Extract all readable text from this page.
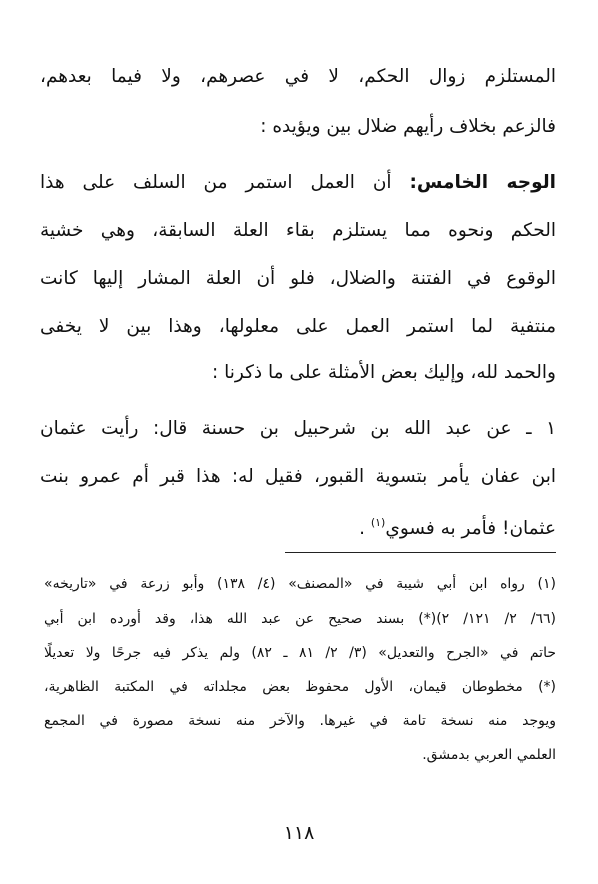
المستلزم زوال الحكم، لا في عصرهم، ولا فيما بعدهم،
فالزعم بخلاف رأيهم ضلال بين ويؤيده :
الوجه الخامس: أن العمل استمر من السلف على هذا
الحكم ونحوه مما يستلزم بقاء العلة السابقة، وهي خشية
الوقوع في الفتنة والضلال، فلو أن العلة المشار إليها كانت
منتفية لما استمر العمل على معلولها، وهذا بين لا يخفى
والحمد لله، وإليك بعض الأمثلة على ما ذكرنا :
١ ـ عن عبد الله بن شرحبيل بن حسنة قال: رأيت عثمان
ابن عفان يأمر بتسوية القبور، فقيل له: هذا قبر أم عمرو بنت
عثمان! فأمر به فسوي$^{(١)}$ .
(١) رواه ابن أبي شيبة في «المصنف» (٤/ ١٣٨) وأبو زرعة في «تاريخه»
(٦٦/ ٢/ ١٢١/ ٢)(*) بسند صحيح عن عبد الله هذا، وقد أورده ابن أبي
حاتم في «الجرح والتعديل» (٣/ ٢/ ٨١ ـ ٨٢) ولم يذكر فيه جرحًا ولا تعديلًا
(*) مخطوطان قيمان، الأول محفوظ بعض مجلداته في المكتبة الظاهرية،
ويوجد منه نسخة تامة في غيرها. والآخر منه نسخة مصورة في المجمع
العلمي العربي بدمشق.
١١٨
